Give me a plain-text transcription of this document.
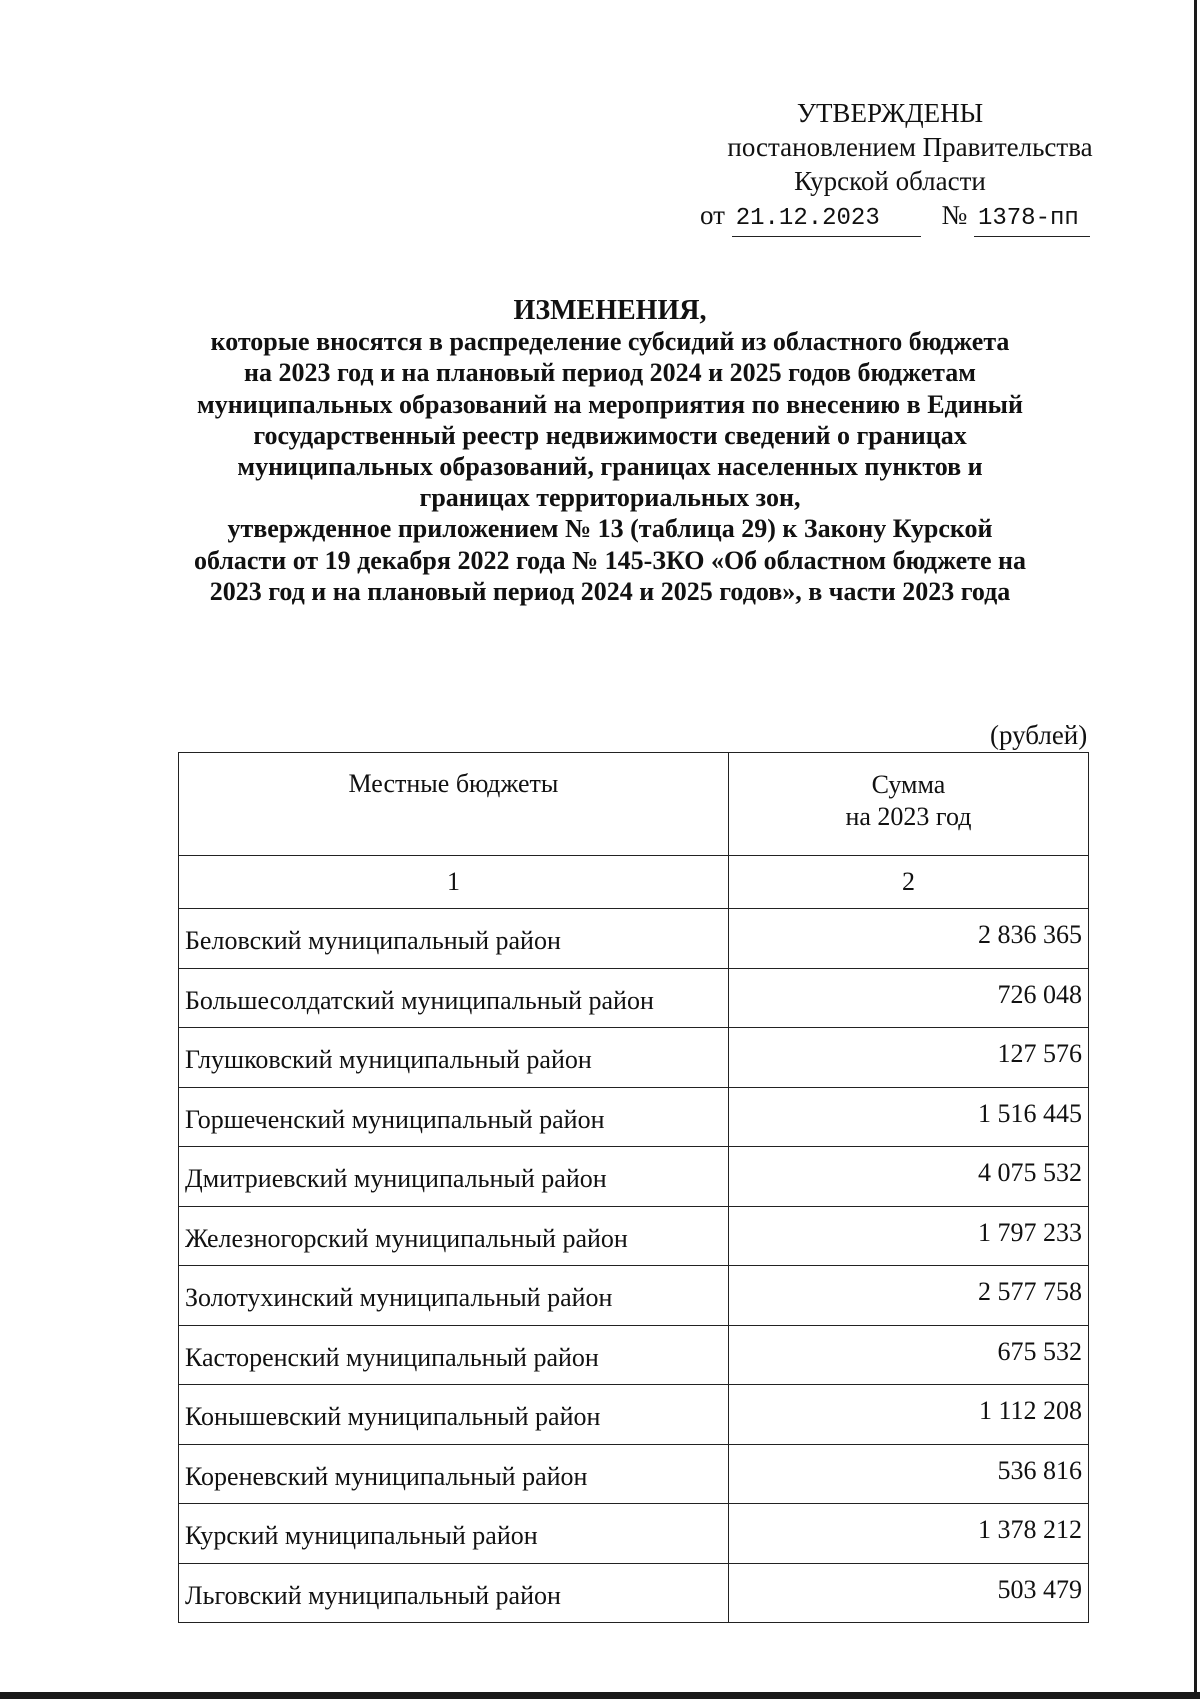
УТВЕРЖДЕНЫ
постановлением Правительства
Курской области
от 21.12.2023 № 1378-пп
ИЗМЕНЕНИЯ,
которые вносятся в распределение субсидий из областного бюджета
на 2023 год и на плановый период 2024 и 2025 годов бюджетам
муниципальных образований на мероприятия по внесению в Единый
государственный реестр недвижимости сведений о границах
муниципальных образований, границах населенных пунктов и
границах территориальных зон,
утвержденное приложением № 13 (таблица 29) к Закону Курской
области от 19 декабря 2022 года № 145-ЗКО «Об областном бюджете на
2023 год и на плановый период 2024 и 2025 годов», в части 2023 года
(рублей)
Местные бюджеты	Сумма
на 2023 год

1	2
Беловский муниципальный район	2 836 365
Большесолдатский муниципальный район	726 048
Глушковский муниципальный район	127 576
Горшеченский муниципальный район	1 516 445
Дмитриевский муниципальный район	4 075 532
Железногорский муниципальный район	1 797 233
Золотухинский муниципальный район	2 577 758
Касторенский муниципальный район	675 532
Конышевский муниципальный район	1 112 208
Кореневский муниципальный район	536 816
Курский муниципальный район	1 378 212
Льговский муниципальный район	503 479
